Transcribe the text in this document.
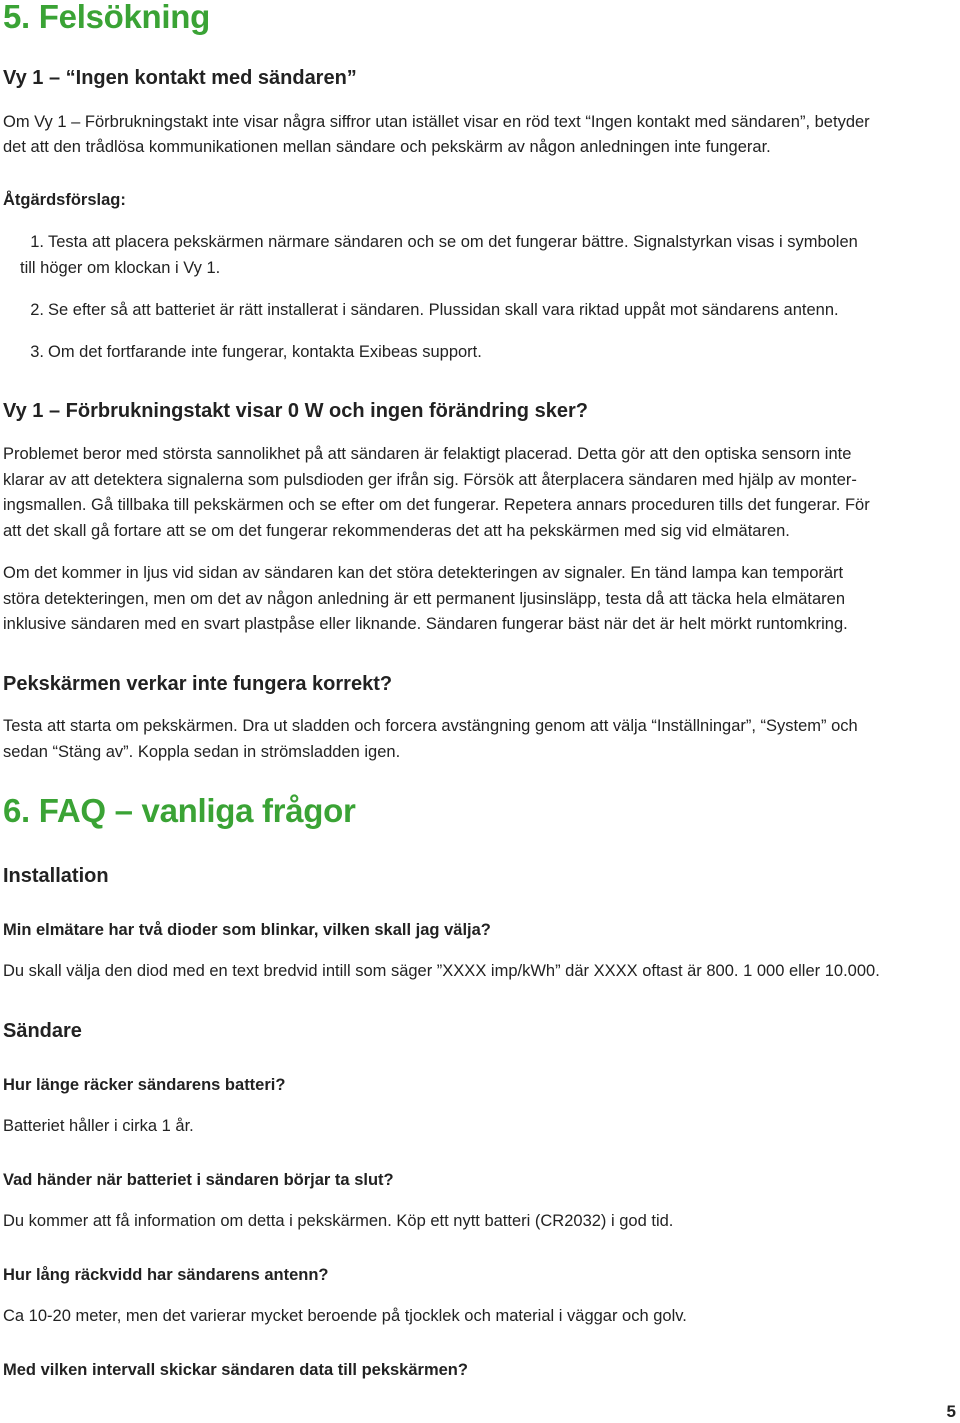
5. Felsökning
Vy 1 – “Ingen kontakt med sändaren”

Om Vy 1 – Förbrukningstakt inte visar några siffror utan istället visar en röd text “Ingen kontakt med sändaren”, betyder

det att den trådlösa kommunikationen mellan sändare och pekskärm av någon anledningen inte fungerar.

Åtgärdsförslag:
1. Testa att placera pekskärmen närmare sändaren och se om det fungerar bättre. Signalstyrkan visas i symbolen
till höger om klockan i Vy 1.
2. Se efter så att batteriet är rätt installerat i sändaren. Plussidan skall vara riktad uppåt mot sändarens antenn.
3. Om det fortfarande inte fungerar, kontakta Exibeas support.
Vy 1 – Förbrukningstakt visar 0 W och ingen förändring sker?

Problemet beror med största sannolikhet på att sändaren är felaktigt placerad. Detta gör att den optiska sensorn inte

klarar av att detektera signalerna som pulsdioden ger ifrån sig. Försök att återplacera sändaren med hjälp av monter-

ingsmallen. Gå tillbaka till pekskärmen och se efter om det fungerar. Repetera annars proceduren tills det fungerar. För

att det skall gå fortare att se om det fungerar rekommenderas det att ha pekskärmen med sig vid elmätaren.

Om det kommer in ljus vid sidan av sändaren kan det störa detekteringen av signaler. En tänd lampa kan temporärt

störa detekteringen, men om det av någon anledning är ett permanent ljusinsläpp, testa då att täcka hela elmätaren

inklusive sändaren med en svart plastpåse eller liknande. Sändaren fungerar bäst när det är helt mörkt runtomkring.

Pekskärmen verkar inte fungera korrekt?

Testa att starta om pekskärmen. Dra ut sladden och forcera avstängning genom att välja “Inställningar”, “System” och

sedan “Stäng av”. Koppla sedan in strömsladden igen.

6. FAQ – vanliga frågor
Installation
Min elmätare har två dioder som blinkar, vilken skall jag välja?

Du skall välja den diod med en text bredvid intill som säger ”XXXX imp/kWh” där XXXX oftast är 800. 1 000 eller 10.000.

Sändare
Hur länge räcker sändarens batteri?

Batteriet håller i cirka 1 år.

Vad händer när batteriet i sändaren börjar ta slut?

Du kommer att få information om detta i pekskärmen. Köp ett nytt batteri (CR2032) i god tid.

Hur lång räckvidd har sändarens antenn?

Ca 10-20 meter, men det varierar mycket beroende på tjocklek och material i väggar och golv.

Med vilken intervall skickar sändaren data till pekskärmen?
5
